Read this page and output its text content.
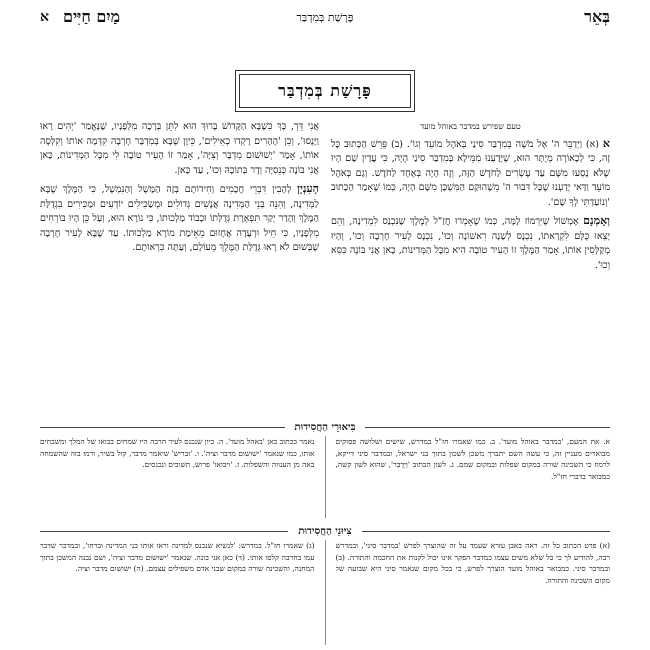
בְּאֵר
פָּרָשַׁת בְּמִדְבַּר
מַיִם חַיִּים
א
פָּרָשַׁת בְּמִדְבַּר
טעם שפירש במדבר באוהל מועד

א (א) וַיְדַבֵּר ה' אֶל מֹשֶׁה בְּמִדְבַּר סִינַי בְּאֹהֶל מוֹעֵד וְגוֹ'. (ב) פֵּרֵשׁ הַכָּתוּב כָּל זֶה, כִּי לְכָאוֹרָה מְיֻתָּר הוּא, שֶׁיָּדַעְנוּ מִמֵּילָא בְּמִדְבַּר סִינַי הָיָה, כִּי עֲדַיִן שָׁם הָיוּ שֶׁלֹּא נָסְעוּ מִשָּׁם עַד עֶשְׂרִים לַחֹדֶשׁ הַזֶּה, וְזֶה הָיָה בְּאֶחָד לַחֹדֶשׁ. וְגַם בְּאֹהֶל מוֹעֵד וַדַּאי יָדַעְנוּ שֶׁכָּל דִּבּוּר ה' מֵשֶׁהוּקַם הַמִּשְׁכָּן מִשָּׁם הָיָה, כְּמוֹ שֶׁאָמַר הַכָּתוּב 'וְנוֹעַדְתִּי לְךָ שָׁם'.

וְאָמְנָם אֶמְשׁוֹל שֶׁיִּרְמוֹז לָמָּה, כְּמוֹ שֶׁאָמְרוּ חֲזַ"ל לְמֶלֶךְ שֶׁנִּכְנַס לִמְדִינָה, וְהֵם יָצְאוּ כֻּלָּם לִקְרָאתוֹ, נִכְנָס לְשָׁנָה רִאשׁוֹנָה וְכוּ', נִכְנָס לָעִיר חָרְבָה וְכוּ', וְהָיוּ מְקַלְּסִין אוֹתוֹ, אָמַר הַמֶּלֶךְ זוֹ הָעִיר טוֹבָה הִיא מִכָּל הַמְּדִינוֹת, כָּאן אֲנִי בּוֹנֶה כִּסֵּא וְכוּ'.

אֲנִי דֵּרְ, כָּךְ כִּשֶׁבָּא הַקָּדוֹשׁ בָּרוּךְ הוּא לִתֵּן בְּרָכָה מִלְּפָנָיו, שֶׁנֶּאֱמַר 'יְהִים רָאוּ וַיָּנֻסוּ', וְכֵן 'הֶהָרִים רָקְדוּ כְאֵילִים', כֵּיוָן שֶׁבָּא בְּמִדְבַּר חָרְבָה קִדְּמָה אוֹתוֹ וְקִלְּסָה אוֹתוֹ, אָמַר 'יְשׁוּשׁוּם מִדְבָּר וְצִיָּה', אָמַר זוֹ הָעִיר טוֹבָה לִי מִכָּל הַמְּדִינוֹת, כָּאן אֲנִי בּוֹנֶה כְּנֵסִיָּה וְדָר בְּתוֹכָהּ וְכוּ', עַד כָּאן.

הָעִנְיָן לְהָבִין דִּבְרֵי חֲכָמִים וְחִידוֹתָם בְּזֶה הַמָּשָׁל וְהַנִּמְשָׁל, כִּי הַמֶּלֶךְ שֶׁבָּא לַמְּדִינָה, וְהִנֵּה בְּנֵי הַמְּדִינָה אֲנָשִׁים גְּדוֹלִים וּמְשַׂכִּילִים יוֹדְעִים וּמַכִּירִים בִּגְדֻלַּת הַמֶּלֶךְ וְהָדַר יְקַר תִּפְאֶרֶת גְּדֻלָּתוֹ וּכְבוֹד מַלְכוּתוֹ, כִּי נוֹרָא הוּא, וְעַל כֵּן הָיוּ בּוֹרְחִים מִלְּפָנָיו, כִּי חֵיל וּרְעָדָה אֲחָזוּם מֵאֵימַת מוֹרָא מַלְכוּתוֹ. עַד שֶׁבָּא לָעִיר חָרְבָה שֶׁבְּשׁוּם לֹא רָאוּ גְּדֻלַּת הַמֶּלֶךְ מֵעוֹלָם, וְעַתָּה כִּרְאוֹתָם.

בִּיאוּרֵי הַחֲסִידוּת
א. את המעם, 'במדבר באוהל מועד'. ב. כמו שאמרו חז"ל במדרש, שישים ושלושה פסוקים מבוארים מעניין זה, כי עשה השם יתברך משכן לשכון בתוך בני ישראל, ובמדבר סיני דייקא, לרמוז כי השכינה שורה במקום שפלות ובמקום שמם. ג. לשון הכתוב 'וַיְדַבֵּר', שהוא לשון קשה, כמבואר בדברי חז"ל.
נאמר בכתוב כאן 'באהל מועד'. ה. כיון שנכנס לעיר חרבה היו שמחים בבואו של המלך ומשבחים אותו, כמו שנאמר 'ישושום מדבר וציה'. ו. 'ובריש' שיאמר מדבר, קול בשיר, ורמז בזה שהשמחה באה מן הענווה והשפלות. ז. 'ויבואו' פרוש, תשובים ונכנסים.
צִיּוּנֵי הַחֲסִידוּת
(א) פרט הכתוב כל זה. ראה באבן עזרא שעמד על זה שהוצרך לפרש 'במדבר סיני', ובמדרש רבה, להודיע לך כי כל שלא משים עצמו כמדבר הפקר אינו יכול לקנות את החכמה והתורה. (ב) ובמדבר סיני. כמבואר באוהל מועד הוצרך לפרש, כי בכל מקום שנאמר סיני היא שבועה של מקום השכינה והתורה.
(ג) שאמרו חז"ל. במדרש: 'לנשיא שנכנס למדינה וראו אותו בני המדינה וברחו', ובמדבר שדבר עמו בחרבה קלסו אותו. (ד) כאן אני בונה. שנאמר 'ישושום מדבר וציה', ושם נבנה המשכן בתוך המחנה, והשכינה שורה במקום שבני אדם משפילים עצמם. (ה) ישושום מדבר וציה.
